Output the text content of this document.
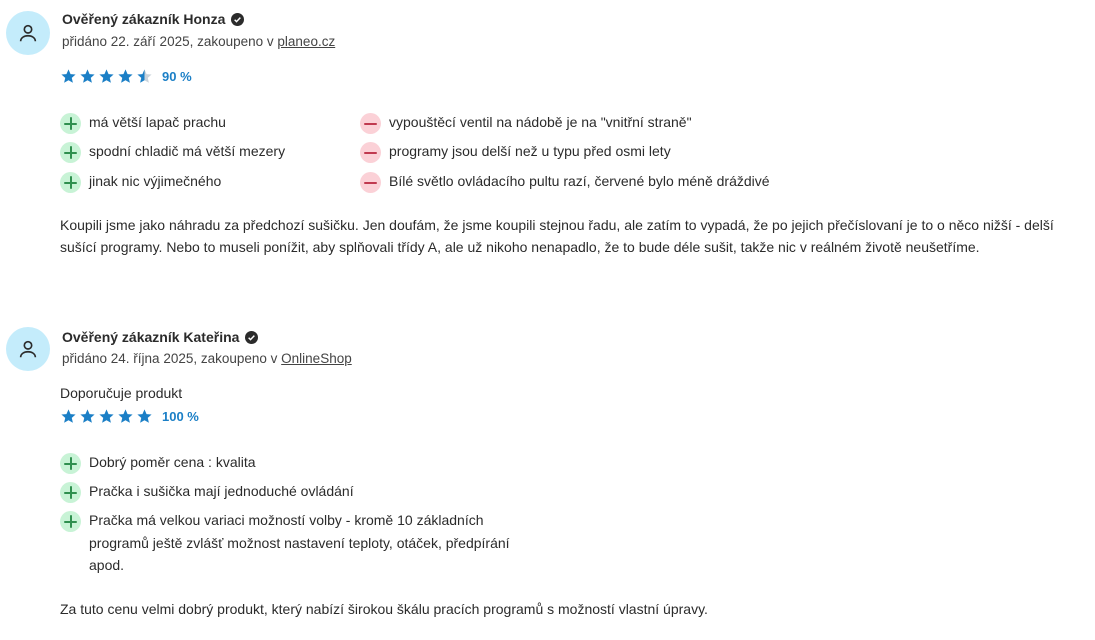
Ověřený zákazník Honza
přidáno 22. září 2025, zakoupeno v planeo.cz
90 %
má větší lapač prachu
spodní chladič má větší mezery
jinak nic výjimečného
vypouštěcí ventil na nádobě je na "vnitřní straně"
programy jsou delší než u typu před osmi lety
Bílé světlo ovládacího pultu razí, červené bylo méně dráždivé
Koupili jsme jako náhradu za předchozí sušičku. Jen doufám, že jsme koupili stejnou řadu, ale zatím to vypadá, že po jejich přečíslovaní je to o něco nižší - delší sušící programy. Nebo to museli ponížit, aby splňovali třídy A, ale už nikoho nenapadlo, že to bude déle sušit, takže nic v reálném životě neušetříme.
Ověřený zákazník Kateřina
přidáno 24. října 2025, zakoupeno v OnlineShop
Doporučuje produkt
100 %
Dobrý poměr cena : kvalita
Pračka i sušička mají jednoduché ovládání
Pračka má velkou variaci možností volby - kromě 10 základních programů ještě zvlášť možnost nastavení teploty, otáček, předpírání apod.
Za tuto cenu velmi dobrý produkt, který nabízí širokou škálu pracích programů s možností vlastní úpravy.
